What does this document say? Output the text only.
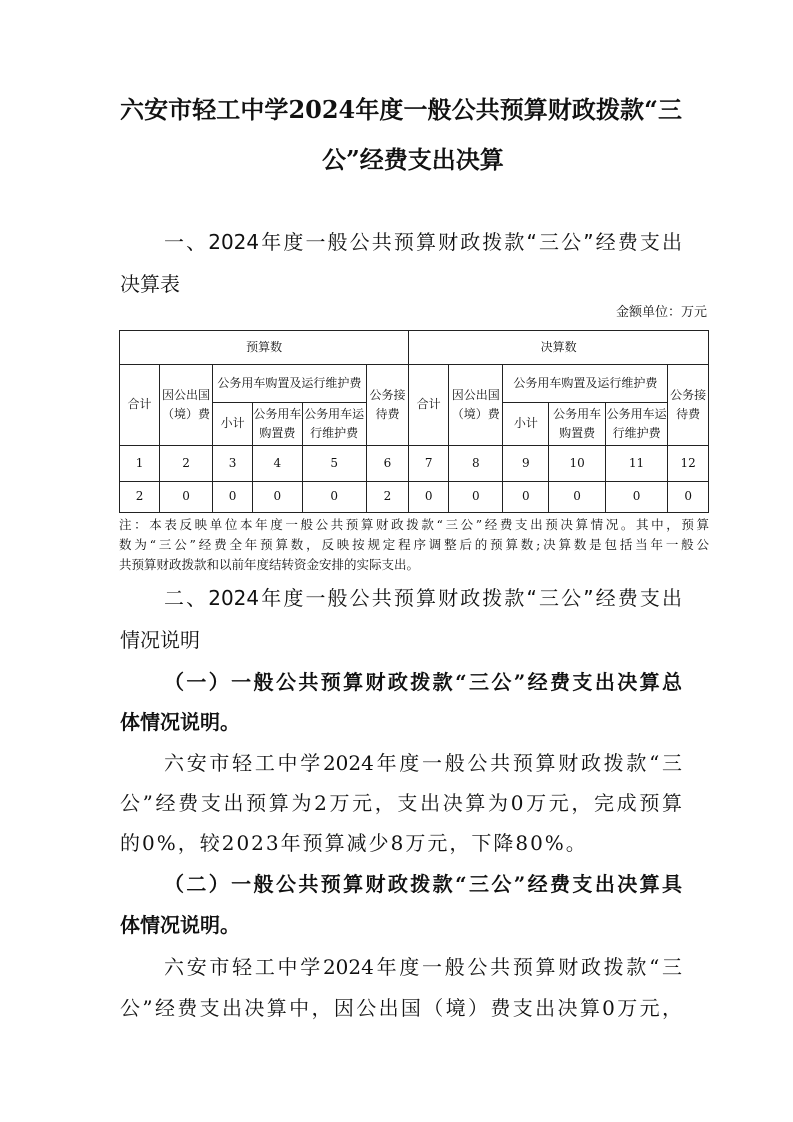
六安市轻工中学2024年度一般公共预算财政拨款“三
公”经费支出决算
一、2024年度一般公共预算财政拨款“三公”经费支出
决算表
金额单位：万元
预算数						决算数					
合计	因公出国（境）费	公务用车购置及运行维护费			公务接待费	合计	因公出国（境）费	公务用车购置及运行维护费			公务接待费
		小计	公务用车购置费	公务用车运行维护费				小计	公务用车购置费	公务用车运行维护费	
1	2	3	4	5	6	7	8	9	10	11	12
2	0	0	0	0	2	0	0	0	0	0	0
注：本表反映单位本年度一般公共预算财政拨款“三公”经费支出预决算情况。其中，预算
数为“三公”经费全年预算数，反映按规定程序调整后的预算数;决算数是包括当年一般公
共预算财政拨款和以前年度结转资金安排的实际支出。
二、2024年度一般公共预算财政拨款“三公”经费支出
情况说明
（一）一般公共预算财政拨款“三公”经费支出决算总
体情况说明。
六安市轻工中学2024年度一般公共预算财政拨款“三
公”经费支出预算为2万元，支出决算为0万元，完成预算
的0%，较2023年预算减少8万元，下降80%。
（二）一般公共预算财政拨款“三公”经费支出决算具
体情况说明。
六安市轻工中学2024年度一般公共预算财政拨款“三
公”经费支出决算中，因公出国（境）费支出决算0万元，
